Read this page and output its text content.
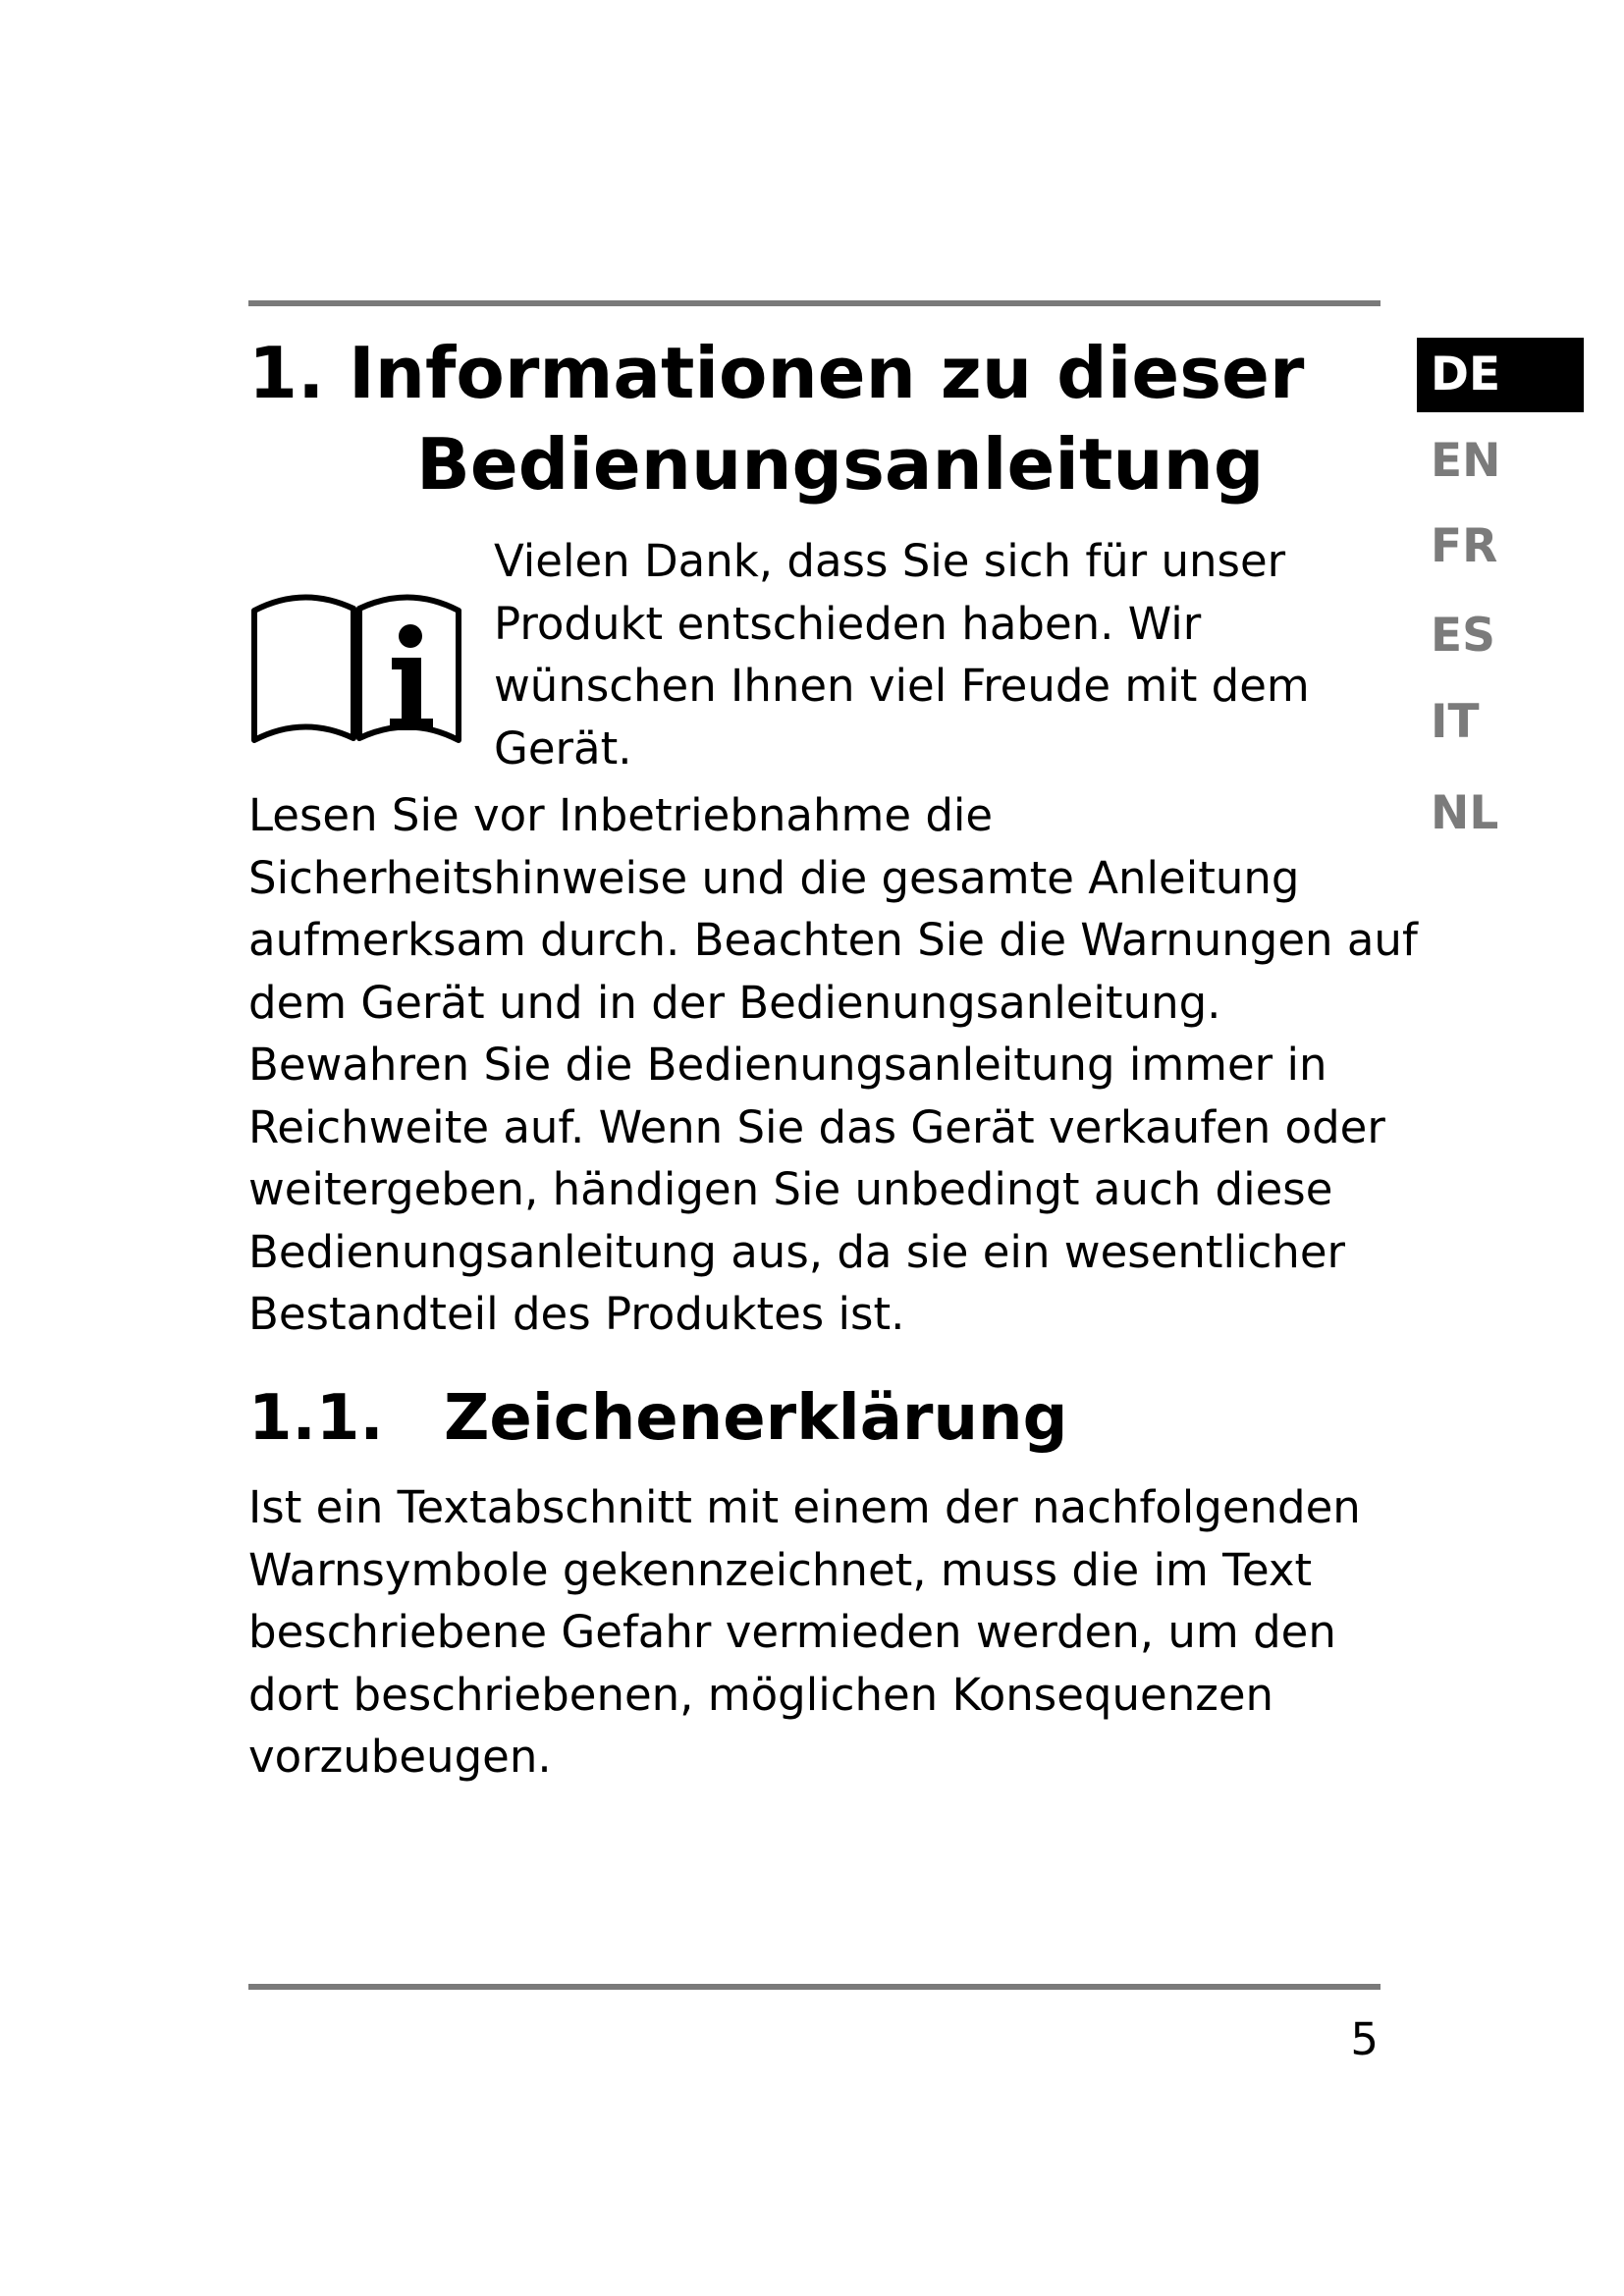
DE
EN
FR
ES
IT
NL
1. Informationen zu dieser
Bedienungsanleitung

Vielen Dank, dass Sie sich für unser
Produkt entschieden haben. Wir
wünschen Ihnen viel Freude mit dem
Gerät.

Lesen Sie vor Inbetriebnahme die
Sicherheitshinweise und die gesamte Anleitung
aufmerksam durch. Beachten Sie die Warnungen auf
dem Gerät und in der Bedienungsanleitung.

Bewahren Sie die Bedienungsanleitung immer in
Reichweite auf. Wenn Sie das Gerät verkaufen oder
weitergeben, händigen Sie unbedingt auch diese
Bedienungsanleitung aus, da sie ein wesentlicher
Bestandteil des Produktes ist.

1.1. Zeichenerklärung

Ist ein Textabschnitt mit einem der nachfolgenden
Warnsymbole gekennzeichnet, muss die im Text
beschriebene Gefahr vermieden werden, um den
dort beschriebenen, möglichen Konsequenzen
vorzubeugen.

5
